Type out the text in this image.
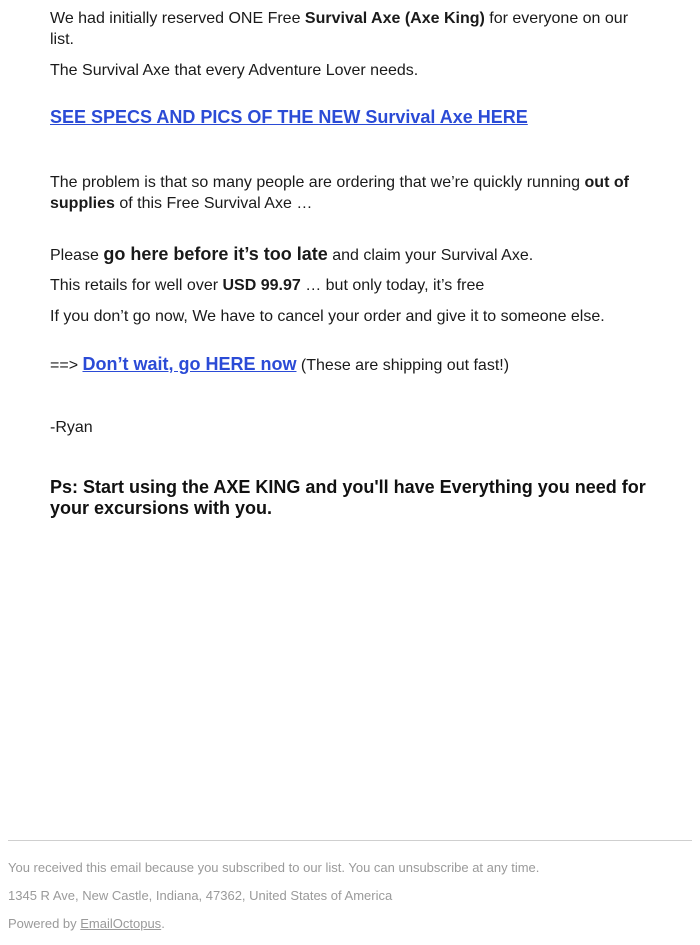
We had initially reserved ONE Free Survival Axe (Axe King) for everyone on our list.

The Survival Axe that every Adventure Lover needs.

SEE SPECS AND PICS OF THE NEW Survival Axe HERE

The problem is that so many people are ordering that we’re quickly running out of supplies of this Free Survival Axe …

Please go here before it’s too late and claim your Survival Axe.

This retails for well over USD 99.97 … but only today, it’s free

If you don’t go now, We have to cancel your order and give it to someone else.

==> Don’t wait, go HERE now (These are shipping out fast!)

-Ryan

Ps: Start using the AXE KING and you'll have Everything you need for your excursions with you.

You received this email because you subscribed to our list. You can unsubscribe at any time.
1345 R Ave, New Castle, Indiana, 47362, United States of America
Powered by EmailOctopus.
